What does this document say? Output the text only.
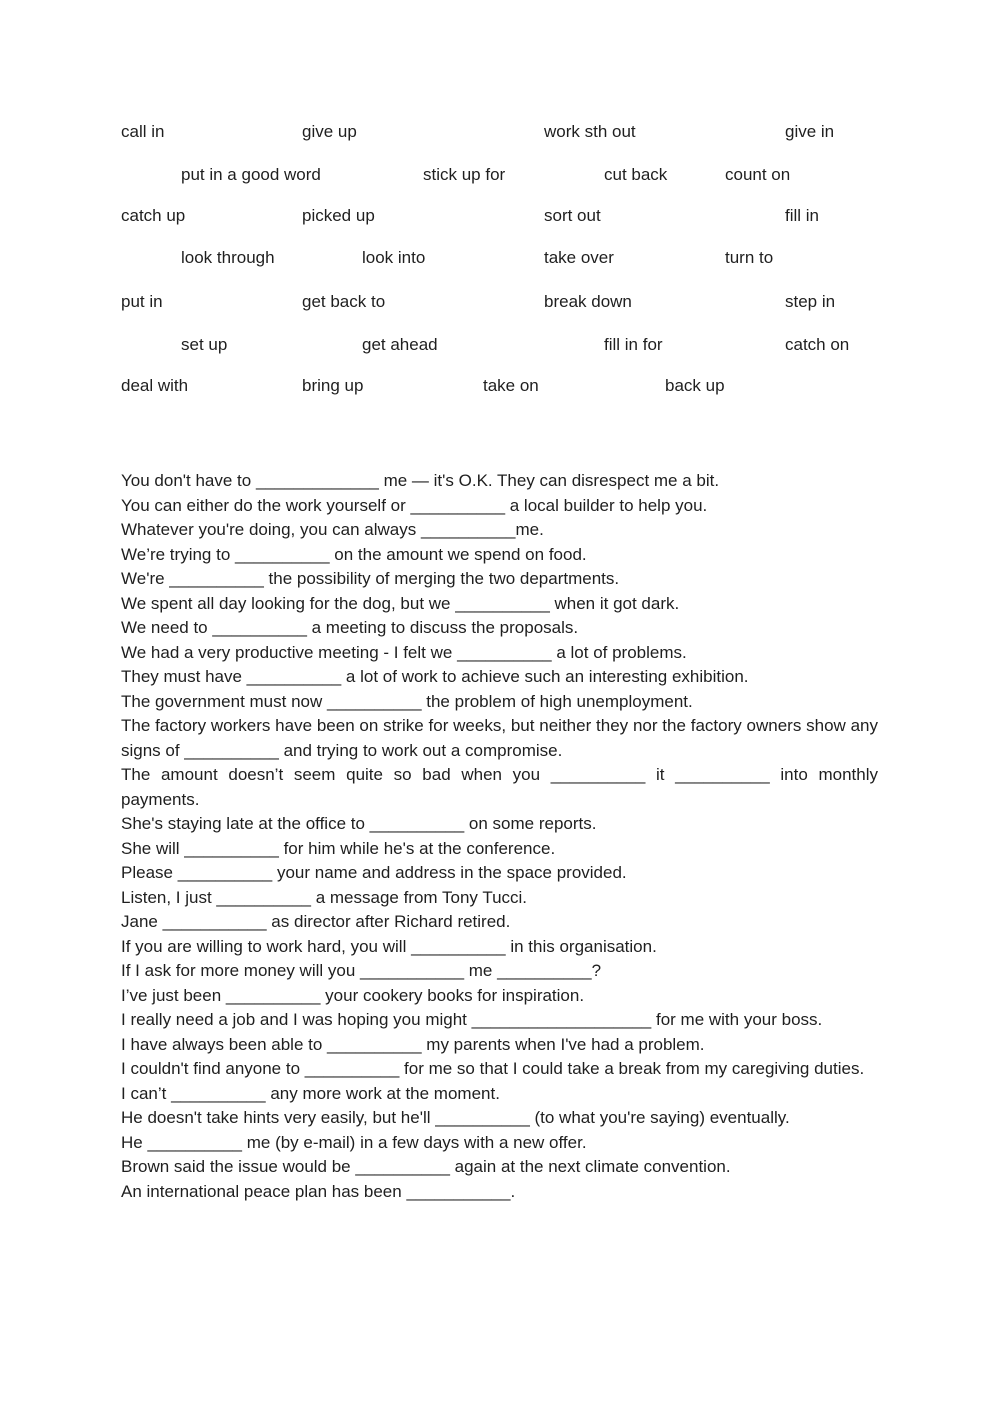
call in	give up	work sth out	give in
put in a good word	stick up for	cut back	count on
catch up	picked up	sort out	fill in
look through	look into	take over	turn to
put in	get back to	break down	step in
set up	get ahead	fill in for	catch on
deal with	bring up	take on	back up

You don't have to _____________ me — it's O.K. They can disrespect me a bit.

You can either do the work yourself or __________ a local builder to help you.

Whatever you're doing, you can always __________me.

We’re trying to __________ on the amount we spend on food.

We're __________ the possibility of merging the two departments.

We spent all day looking for the dog, but we __________ when it got dark.

We need to __________ a meeting to discuss the proposals.

We had a very productive meeting - I felt we __________ a lot of problems.

They must have __________ a lot of work to achieve such an interesting exhibition.

The government must now __________ the problem of high unemployment.

The factory workers have been on strike for weeks, but neither they nor the factory owners show any signs of __________ and trying to work out a compromise.

The amount doesn’t seem quite so bad when you __________ it __________ into monthly payments.

She's staying late at the office to __________ on some reports.

She will __________ for him while he's at the conference.

Please __________ your name and address in the space provided.

Listen, I just __________ a message from Tony Tucci.

Jane ___________ as director after Richard retired.

If you are willing to work hard, you will __________ in this organisation.

If I ask for more money will you ___________ me __________?

I’ve just been __________ your cookery books for inspiration.

I really need a job and I was hoping you might ___________________ for me with your boss.

I have always been able to __________ my parents when I've had a problem.

I couldn't find anyone to __________ for me so that I could take a break from my caregiving duties.

I can’t __________ any more work at the moment.

He doesn't take hints very easily, but he'll __________ (to what you're saying) eventually.

He __________ me (by e-mail) in a few days with a new offer.

Brown said the issue would be __________ again at the next climate convention.

An international peace plan has been ___________.
